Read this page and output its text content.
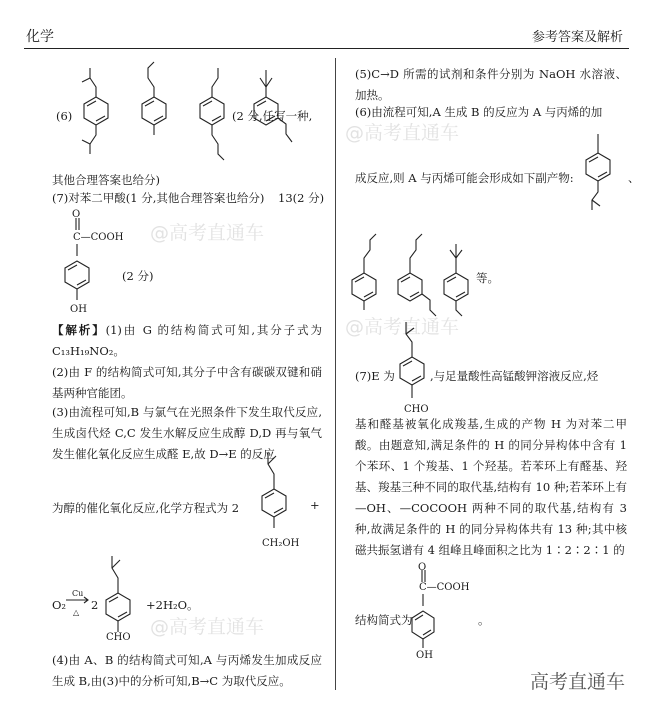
化学	参考答案及解析
@高考直通车
@高考直通车
@高考直通车
@高考直通车
(6)	(2 分,任写一种,
其他合理答案也给分)
(7)对苯二甲酸(1 分,其他合理答案也给分) 13(2 分)
O
C—COOH
OH
(2 分)
【解析】(1)由 G 的结构简式可知,其分子式为C₁₃H₁₉NO₂。
(2)由 F 的结构简式可知,其分子中含有碳碳双键和硝基两种官能团。
(3)由流程可知,B 与氯气在光照条件下发生取代反应,生成卤代烃 C,C 发生水解反应生成醇 D,D 再与氧气发生催化氧化反应生成醛 E,故 D→E 的反应
为醇的催化氧化反应,化学方程式为 2	+
CH₂OH
O₂
Cu
△
2	+2H₂O。
CHO
(4)由 A、B 的结构简式可知,A 与丙烯发生加成反应生成 B,由(3)中的分析可知,B→C 为取代反应。
(5)C→D 所需的试剂和条件分别为 NaOH 水溶液、加热。
(6)由流程可知,A 生成 B 的反应为 A 与丙烯的加
成反应,则 A 与丙烯可能会形成如下副产物:	、
等。
(7)E 为	,与足量酸性高锰酸钾溶液反应,烃
CHO
基和醛基被氧化成羧基,生成的产物 H 为对苯二甲酸。由题意知,满足条件的 H 的同分异构体中含有 1 个苯环、1 个羧基、1 个羟基。若苯环上有醛基、羟基、羧基三种不同的取代基,结构有 10 种;若苯环上有—OH、—COCOOH 两种不同的取代基,结构有 3 种,故满足条件的 H 的同分异构体共有 13 种;其中核磁共振氢谱有 4 组峰且峰面积之比为 1∶2∶2∶1 的
O
C—COOH
结构简式为	。
OH
高考直通车
